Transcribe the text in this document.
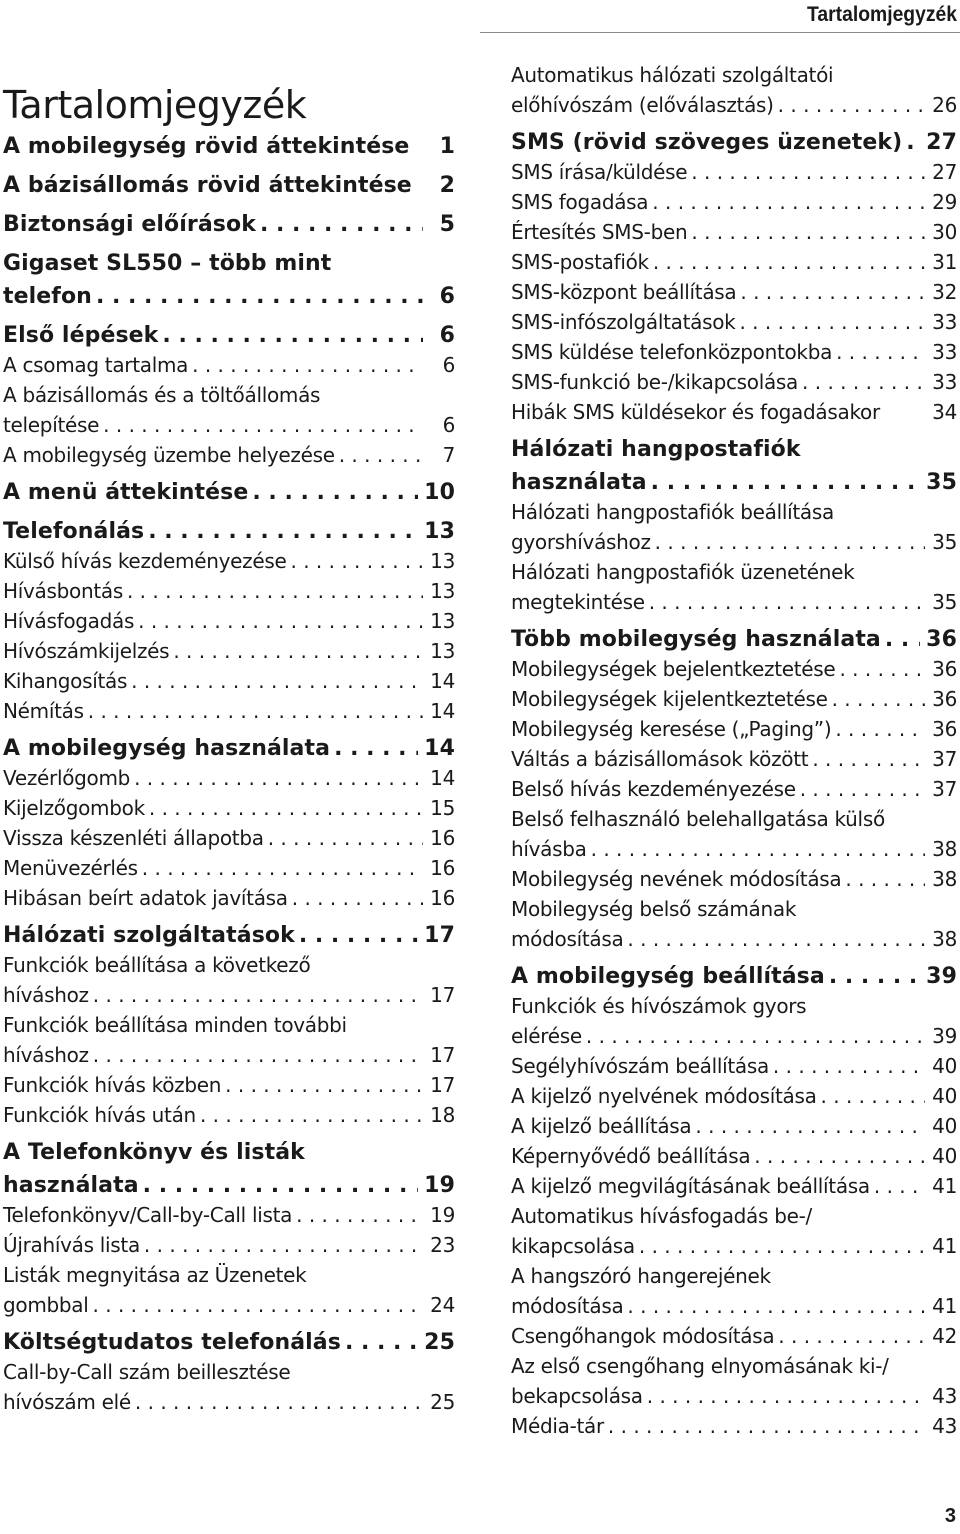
Tartalomjegyzék
Tartalomjegyzék
A mobilegység rövid áttekintése	1
A bázisállomás rövid áttekintése	2
Biztonsági előírások . . .	5
Gigaset SL550 – több mint
telefon . . .	6
Első lépések . . .	6
A csomag tartalma . . .	6
A bázisállomás és a töltőállomás
telepítése . . .	6
A mobilegység üzembe helyezése . . .	7
A menü áttekintése . . .	10
Telefonálás . . .	13
Külső hívás kezdeményezése . . .	13
Hívásbontás . . .	13
Hívásfogadás . . .	13
Hívószámkijelzés . . .	13
Kihangosítás . . .	14
Némítás . . .	14
A mobilegység használata . . .	14
Vezérlőgomb . . .	14
Kijelzőgombok . . .	15
Vissza készenléti állapotba . . .	16
Menüvezérlés . . .	16
Hibásan beírt adatok javítása . . .	16
Hálózati szolgáltatások . . .	17
Funkciók beállítása a következő
híváshoz . . .	17
Funkciók beállítása minden további
híváshoz . . .	17
Funkciók hívás közben . . .	17
Funkciók hívás után . . .	18
A Telefonkönyv és listák
használata . . .	19
Telefonkönyv/Call-by-Call lista . . .	19
Újrahívás lista . . .	23
Listák megnyitása az Üzenetek
gombbal . . .	24
Költségtudatos telefonálás . . .	25
Call-by-Call szám beillesztése
hívószám elé . . .	25
Automatikus hálózati szolgáltatói
előhívószám (előválasztás) . . .	26
SMS (rövid szöveges üzenetek) . . . 27
SMS írása/küldése . . .	27
SMS fogadása . . .	29
Értesítés SMS-ben . . .	30
SMS-postafiók . . .	31
SMS-központ beállítása . . .	32
SMS-infószolgáltatások . . .	33
SMS küldése telefonközpontokba . . .	33
SMS-funkció be-/kikapcsolása . . .	33
Hibák SMS küldésekor és fogadásakor	34
Hálózati hangpostafiók
használata . . .	35
Hálózati hangpostafiók beállítása
gyorshíváshoz . . .	35
Hálózati hangpostafiók üzenetének
megtekintése . . .	35
Több mobilegység használata . . . 36
Mobilegységek bejelentkeztetése . . .	36
Mobilegységek kijelentkeztetése . . .	36
Mobilegység keresése („Paging”) . . .	36
Váltás a bázisállomások között . . .	37
Belső hívás kezdeményezése . . .	37
Belső felhasználó belehallgatása külső
hívásba . . .	38
Mobilegység nevének módosítása . . .	38
Mobilegység belső számának
módosítása . . .	38
A mobilegység beállítása . . .	39
Funkciók és hívószámok gyors
elérése . . .	39
Segélyhívószám beállítása . . .	40
A kijelző nyelvének módosítása . . .	40
A kijelző beállítása . . .	40
Képernyővédő beállítása . . .	40
A kijelző megvilágításának beállítása . . .	41
Automatikus hívásfogadás be-/
kikapcsolása . . .	41
A hangszóró hangerejének
módosítása . . .	41
Csengőhangok módosítása . . .	42
Az első csengőhang elnyomásának ki-/
bekapcsolása . . .	43
Média-tár . . .	43
3
